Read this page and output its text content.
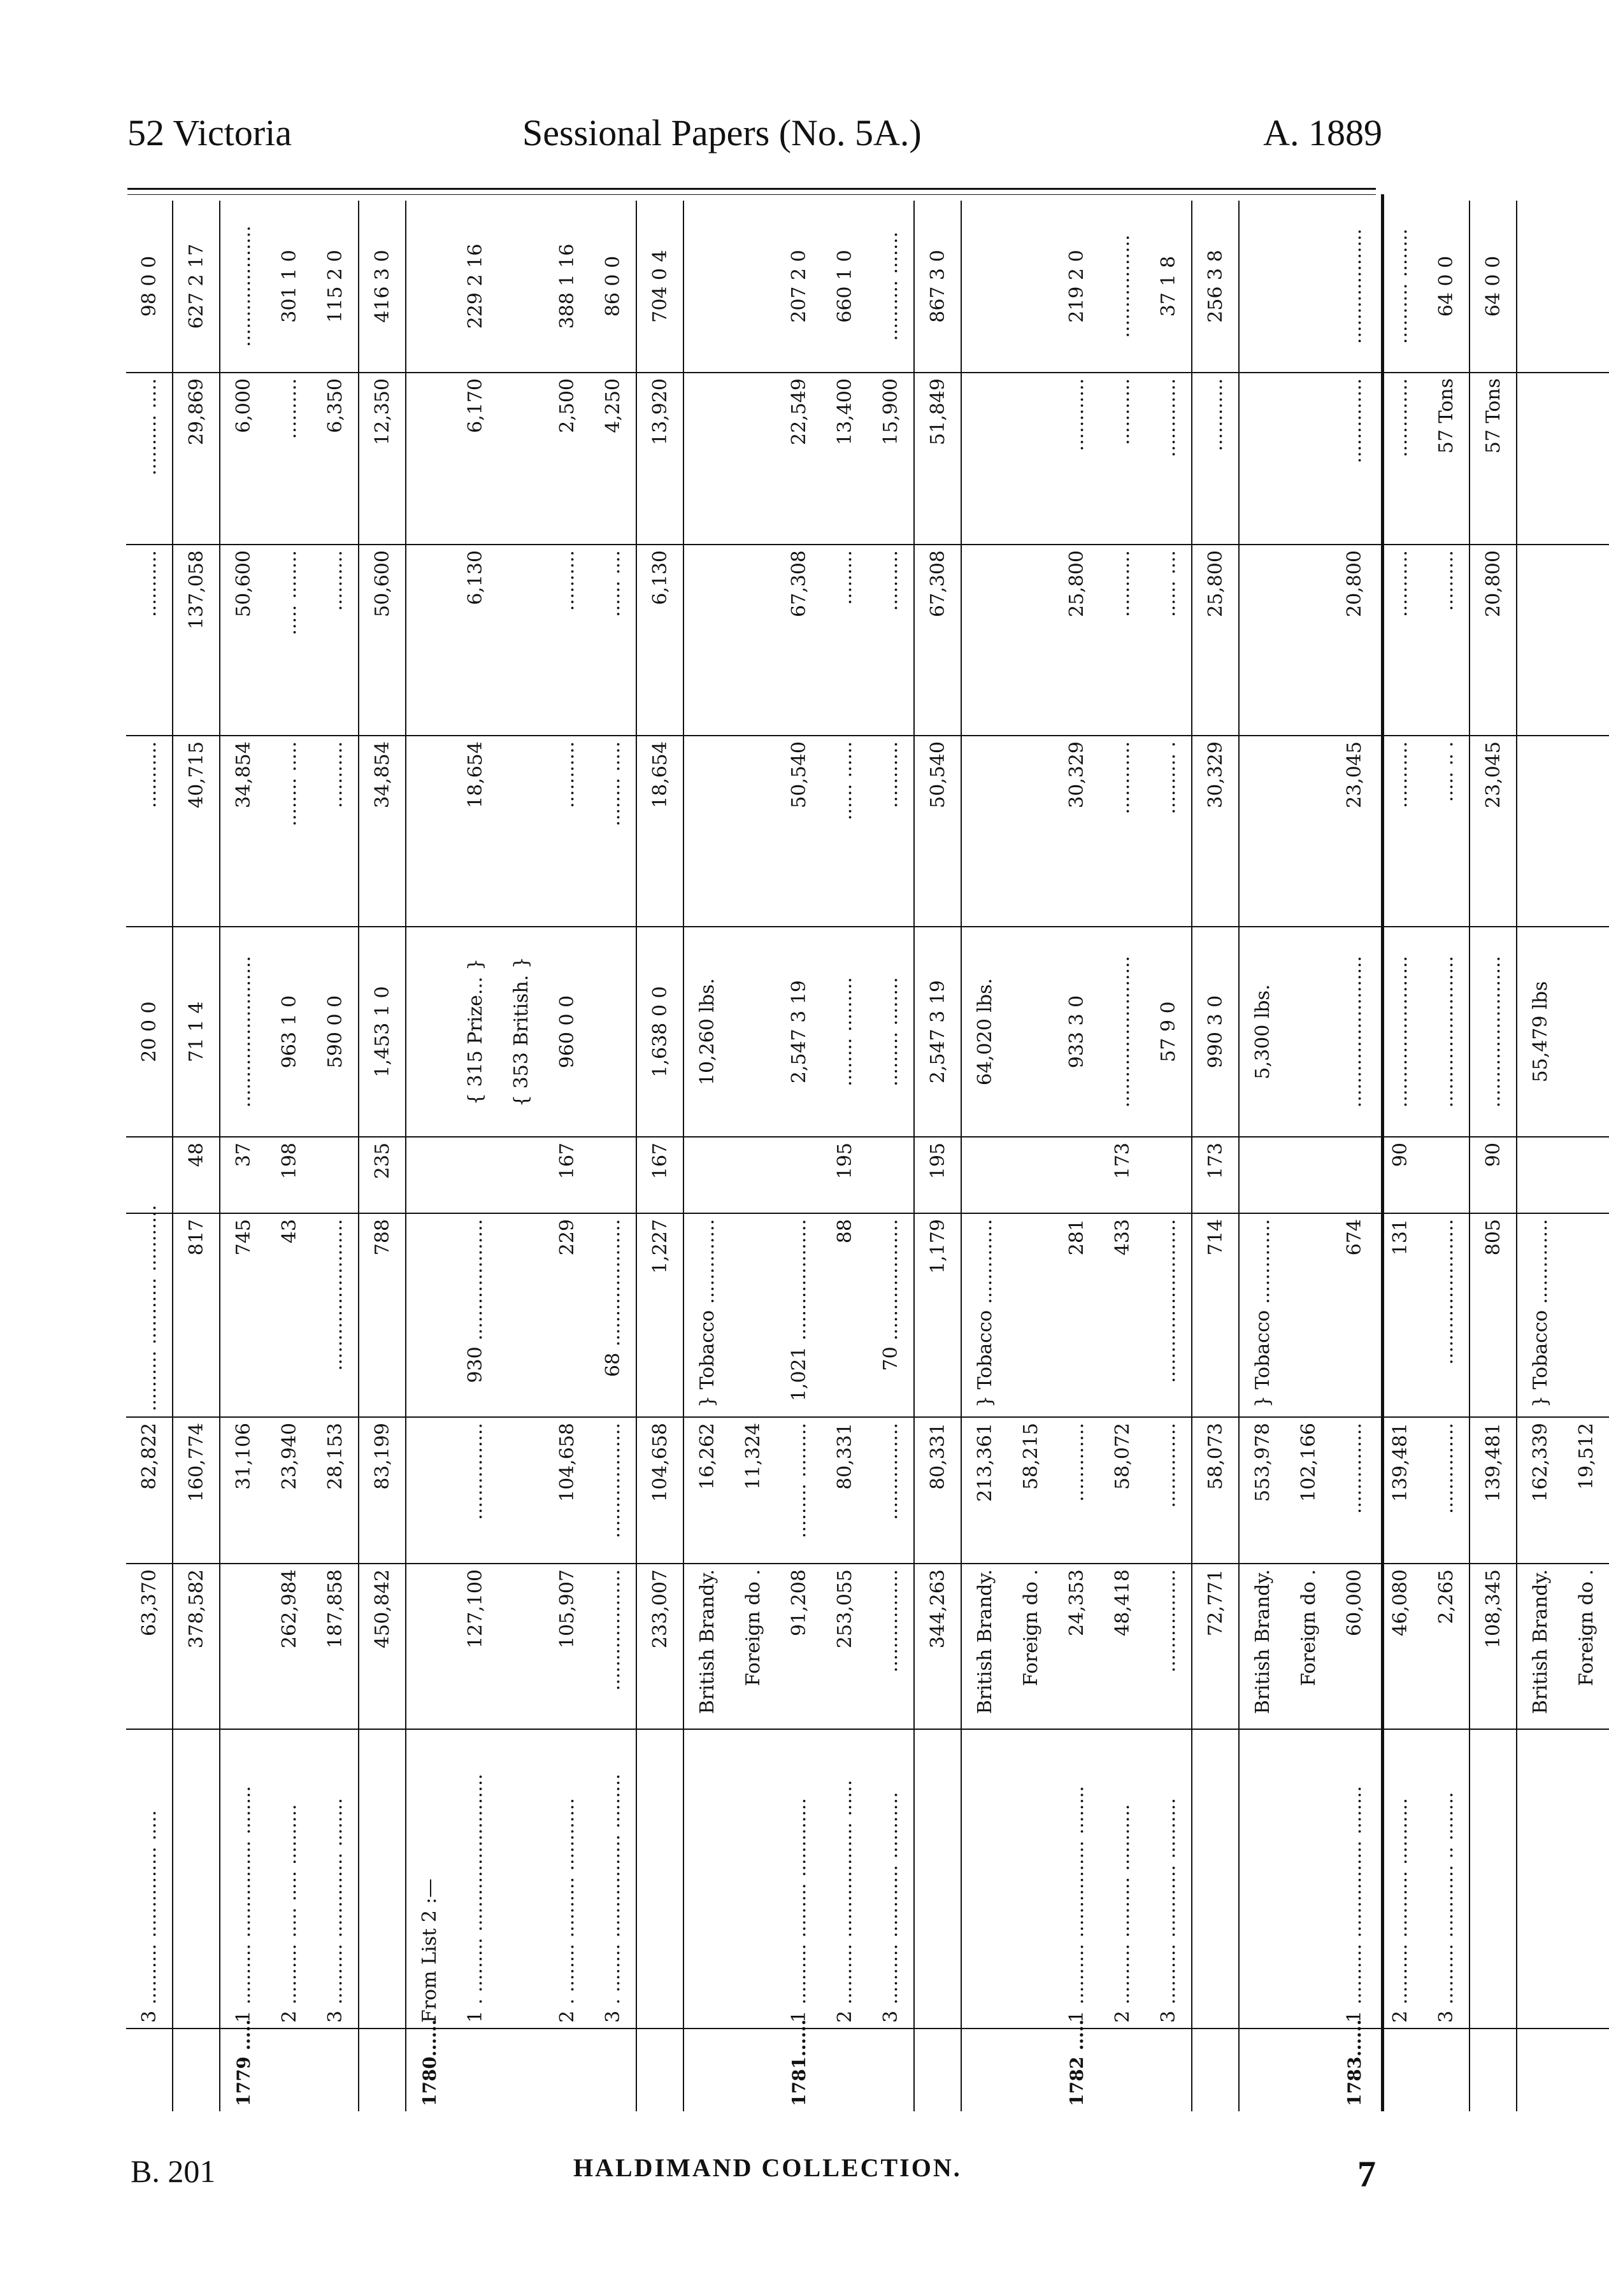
52 Victoria	Sessional Papers (No. 5A.)	A. 1889
	3 .......... ............... .....	63,370	82,822	.......... ........... ...........		20 0 0	...........	...........	.......... .....	98 0 0
		378,582	160,774	817	48	71 1 4	40,715	137,058	29,869	627 2 17
1779 .....	1 .......... ................ ........		31,106	745	37	.........................	34,854	50,600	6,000	....................
	2 .......... ..... ..... ..........	262,984	23,940	43	198	963 1 0	........ .....	..... ........	..........	301 1 0
	3 .......... .............. ........	187,858	28,153	.........................		590 0 0	...........	..........	6,350	115 2 0
		450,842	83,199	788	235	1,453 1 0	34,854	50,600	12,350	416 3 0
1780......	From List 2 :—									
	1 . ......... ..........................	127,100	................	930 ....................		{ 315 Prize... }	18,654	6,130	6,170	229 2 16
						{ 353 British. }				
	2 . ........ .......... ............	105,907	104,658	229	167	960 0 0	...........	..........	2,500	388 1 16
	3 . ........ ................. .........	....................	...................	68 .....................			........ .....	...... ....	4,250	86 0 0
		233,007	104,658	1,227	167	1,638 0 0	18,654	6,130	13,920	704 0 4
		British Brandy.	16,262	} Tobacco ..............		10,260 lbs.				
		Foreign do .	11,324							
1781......	1 .......... ......... .............	91,208	......... .........	1,021 ....................		2,547 3 19	50,540	67,308	22,549	207 2 0
	2 .......... ................... ......	253,055	80,331	88	195	........ .........	...... ......	.........	13,400	660 1 0
	3 .......... ............ ...........	.................	................	70 ....................		......... ........	...........	..........	15,900	.......... .......
		344,263	80,331	1,179	195	2,547 3 19	50,540	67,308	51,849	867 3 0
		British Brandy.	213,361	} Tobacco ..............		64,020 lbs.				
		Foreign do .	58,215							
1782 .....	1 .......... ................ ........	24,353	.............	281		933 3 0	30,329	25,800	............	219 2 0
	2 .......... .......... ...........	48,418	58,072	433	173	.........................	............	...........	...........	.................
	3 .......... ............ ..........	.................	..............	...........................		57 9 0	.......... .	...... ....	.............	37 1 8
		72,771	58,073	714	173	990 3 0	30,329	25,800	............	256 3 8
		British Brandy.	553,978	} Tobacco ..............		5,300 lbs.				
		Foreign do .	102,166							
1783......	1 .......... ................ ........	60,000	...............	674		.........................	23,045	20,800	..............	...................
	2 .......... ........... ...........	46,080	139,481	131	90	.........................	...........	...........	.............	.......... ........
	3 .......... ............ .. ........	2,265	...............	........................		.........................	..... .. .	..........	57 Tons	64 0 0
		108,345	139,481	805	90	.........................	23,045	20,800	57 Tons	64 0 0
		British Brandy.	162,339	} Tobacco ..............		55,479 lbs				
		Foreign do .	19,512							
B. 201	HALDIMAND COLLECTION.	7
